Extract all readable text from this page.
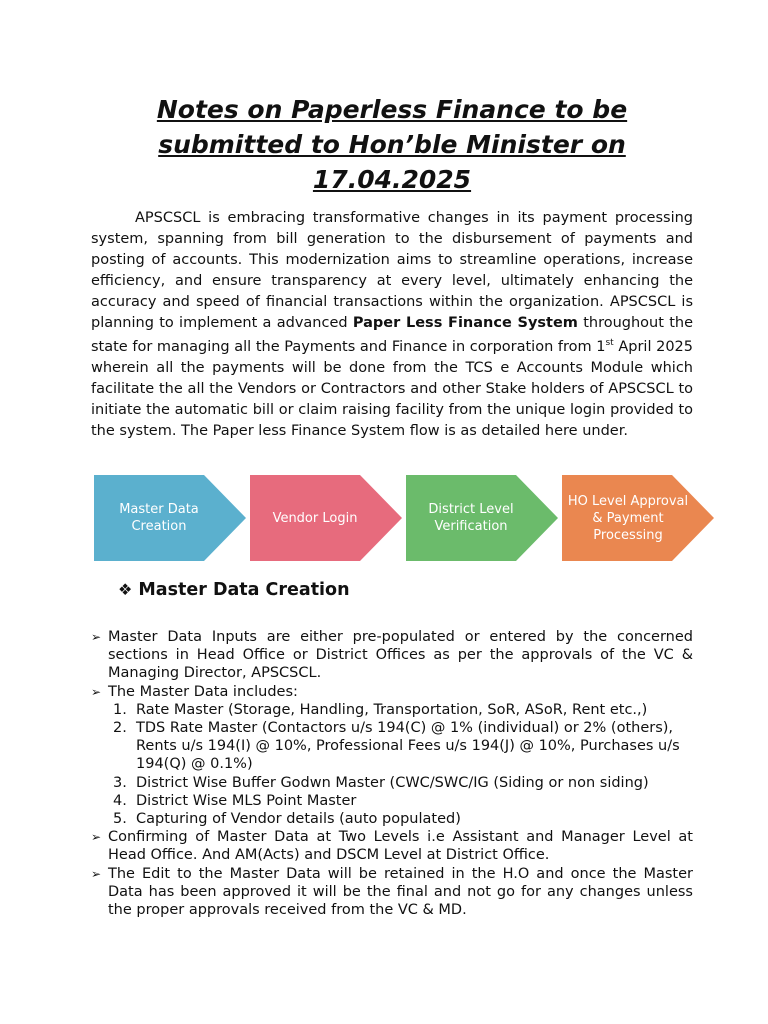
Notes on Paperless Finance to be
submitted to Hon’ble Minister on
17.04.2025

APSCSCL is embracing transformative changes in its payment processing system, spanning from bill generation to the disbursement of payments and posting of accounts. This modernization aims to streamline operations, increase efficiency, and ensure transparency at every level, ultimately enhancing the accuracy and speed of financial transactions within the organization. APSCSCL is planning to implement a advanced Paper Less Finance System throughout the state for managing all the Payments and Finance in corporation from 1st April 2025 wherein all the payments will be done from the TCS e Accounts Module which facilitate the all the Vendors or Contractors and other Stake holders of APSCSCL to initiate the automatic bill or claim raising facility from the unique login provided to the system. The Paper less Finance System flow is as detailed here under.

Master Data Creation
Vendor Login
District Level Verification
HO Level Approval & Payment Processing
❖ Master Data Creation
➢ Master Data Inputs are either pre-populated or entered by the concerned sections in Head Office or District Offices as per the approvals of the VC & Managing Director, APSCSCL.
➢ The Master Data includes:
1. Rate Master (Storage, Handling, Transportation, SoR, ASoR, Rent etc.,)
2. TDS Rate Master (Contactors u/s 194(C) @ 1% (individual) or 2% (others), Rents u/s 194(I) @ 10%, Professional Fees u/s 194(J) @ 10%, Purchases u/s 194(Q) @ 0.1%)
3. District Wise Buffer Godwn Master (CWC/SWC/IG (Siding or non siding)
4. District Wise MLS Point Master
5. Capturing of Vendor details (auto populated)
➢ Confirming of Master Data at Two Levels i.e Assistant and Manager Level at Head Office. And AM(Acts) and DSCM Level at District Office.
➢ The Edit to the Master Data will be retained in the H.O and once the Master Data has been approved it will be the final and not go for any changes unless the proper approvals received from the VC & MD.
